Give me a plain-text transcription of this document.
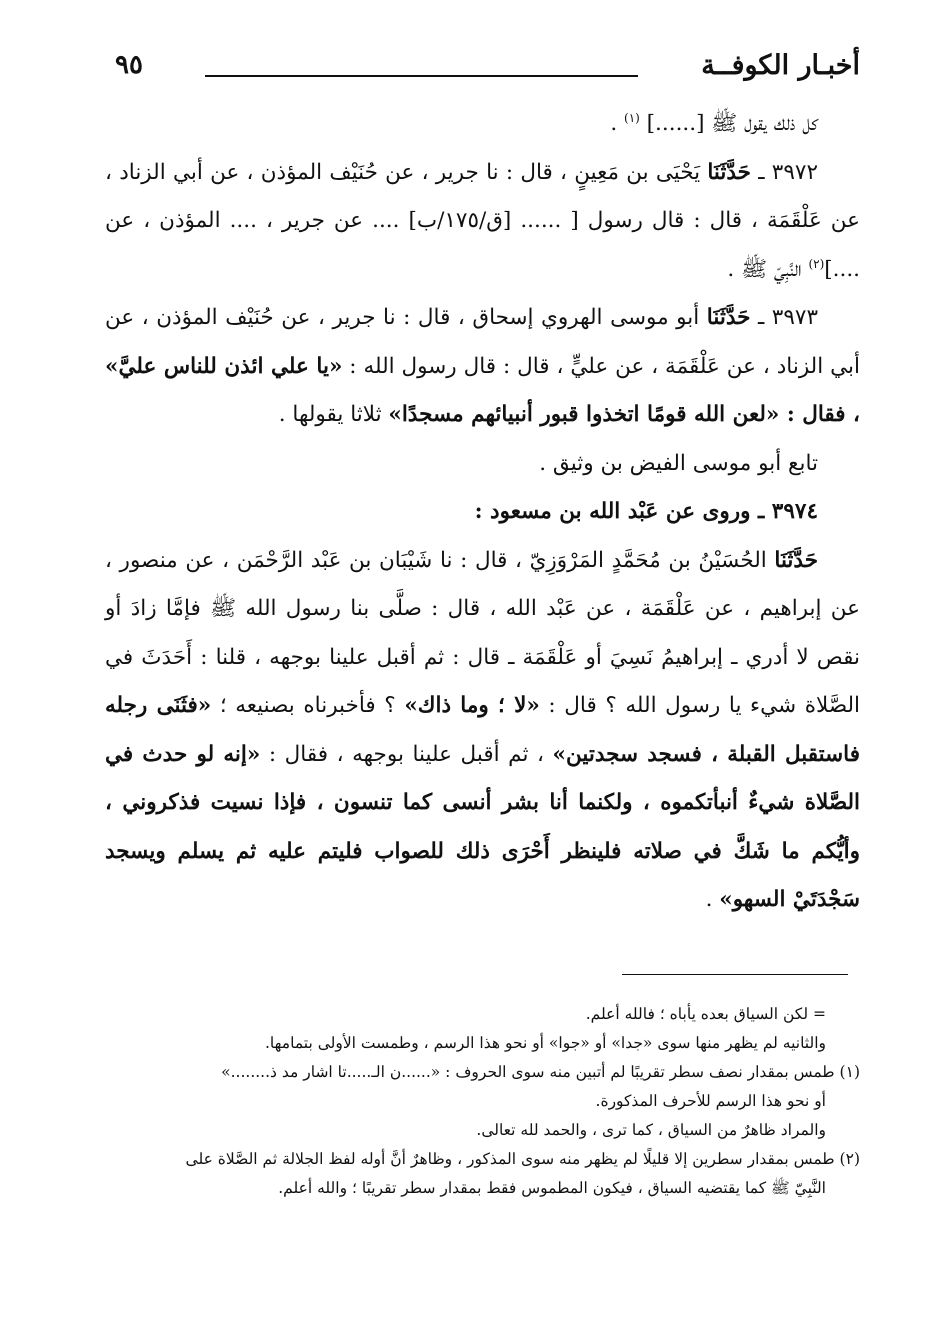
أخبـار الكوفــة
٩٥

كل ذلك يقول ﷺ [......] $^{(١)}$ .

٣٩٧٢ ـ حَدَّثَنَا يَحْيَى بن مَعِينٍ ، قال : نا جرير ، عن حُنَيْف المؤذن ، عن أبي الزناد ، عن عَلْقَمَة ، قال : قال رسول [ ...... [ق/١٧٥/ب] .... عن جرير ، .... المؤذن ، عن ....]$^{(٢)}$ النَّبِيّ ﷺ .

٣٩٧٣ ـ حَدَّثَنَا أبو موسى الهروي إسحاق ، قال : نا جرير ، عن حُنَيْف المؤذن ، عن أبي الزناد ، عن عَلْقَمَة ، عن عليٍّ ، قال : قال رسول الله : «يا علي ائذن للناس عليَّ» ، فقال : «لعن الله قومًا اتخذوا قبور أنبيائهم مسجدًا» ثلاثا يقولها .

تابع أبو موسى الفيض بن وثيق .

٣٩٧٤ ـ وروى عن عَبْد الله بن مسعود :

حَدَّثَنَا الحُسَيْنُ بن مُحَمَّدٍ المَرْوَزِيّ ، قال : نا شَيْبَان بن عَبْد الرَّحْمَن ، عن منصور ، عن إبراهيم ، عن عَلْقَمَة ، عن عَبْد الله ، قال : صلَّى بنا رسول الله ﷺ فإمَّا زادَ أو نقص لا أدري ـ إبراهيمُ نَسِيَ أو عَلْقَمَة ـ قال : ثم أقبل علينا بوجهه ، قلنا : أَحَدَثَ في الصَّلاة شيء يا رسول الله ؟ قال : «لا ؛ وما ذاك» ؟ فأخبرناه بصنيعه ؛ «فثَنَى رجله فاستقبل القبلة ، فسجد سجدتين» ، ثم أقبل علينا بوجهه ، فقال : «إنه لو حدث في الصَّلاة شيءٌ أنبأتكموه ، ولكنما أنا بشر أنسى كما تنسون ، فإذا نسيت فذكروني ، وأيُّكم ما شَكَّ في صلاته فلينظر أَحْرَى ذلك للصواب فليتم عليه ثم يسلم ويسجد سَجْدَتَيْ السهو» .

= لكن السياق بعده يأباه ؛ فالله أعلم.

والثانيه لم يظهر منها سوى «جدا» أو «جوا» أو نحو هذا الرسم ، وطمست الأولى بتمامها.

(١) طمس بمقدار نصف سطر تقريبًا لم أتبين منه سوى الحروف : «......ن الـ.....تا اشار مد ذ........»

أو نحو هذا الرسم للأحرف المذكورة.

والمراد ظاهرٌ من السياق ، كما ترى ، والحمد لله تعالى.

(٢) طمس بمقدار سطرين إلا قليلًا لم يظهر منه سوى المذكور ، وظاهرٌ أنَّ أوله لفظ الجلالة ثم الصَّلاة على

النَّبِيّ ﷺ كما يقتضيه السياق ، فيكون المطموس فقط بمقدار سطر تقريبًا ؛ والله أعلم.
